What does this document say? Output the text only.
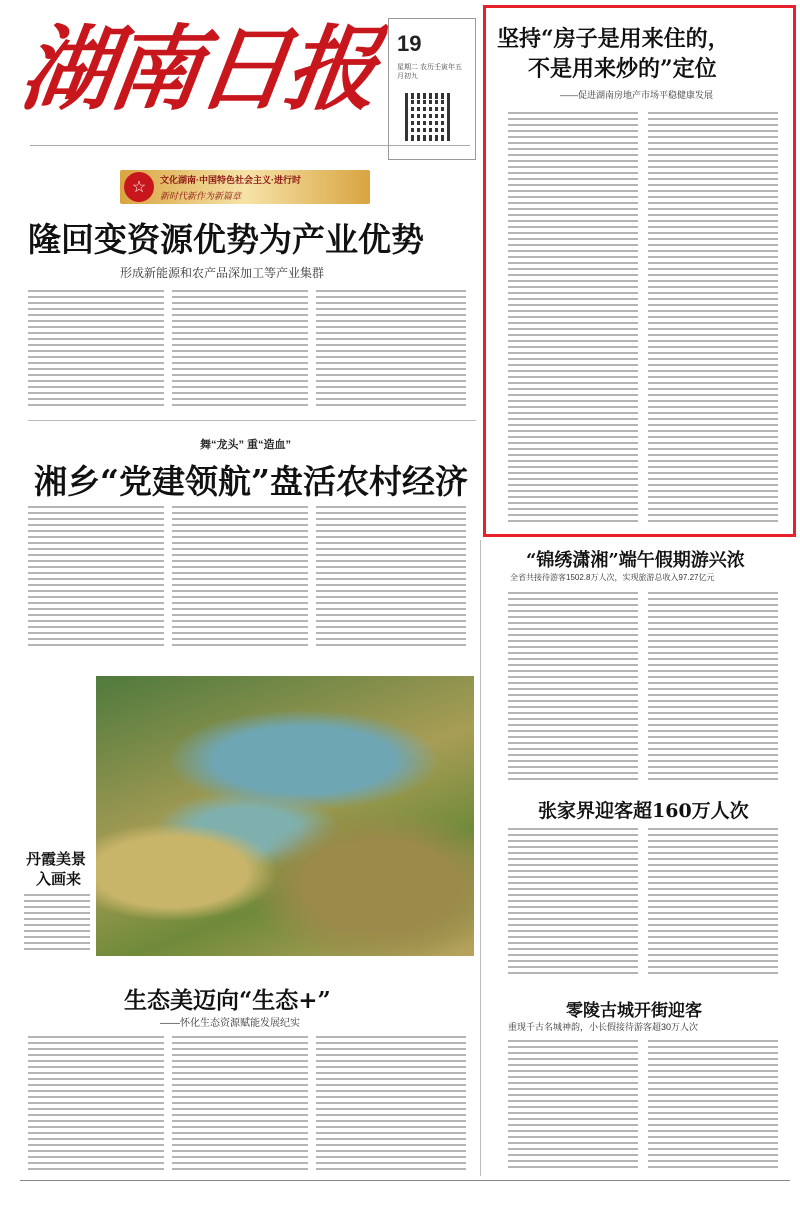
湖南日报 19
星期二 农历壬寅年五月初九
☆	文化湖南·中国特色社会主义·进行时
新时代新作为新篇章
隆回变资源优势为产业优势
形成新能源和农产品深加工等产业集群
舞“龙头” 重“造血”
湘乡“党建领航”盘活农村经济
坚持“房子是用来住的，
不是用来炒的”定位
——促进湖南房地产市场平稳健康发展
“锦绣潇湘”端午假期游兴浓
全省共接待游客1502.8万人次，实现旅游总收入97.27亿元
张家界迎客超160万人次
丹霞美景
入画来
生态美迈向“生态+”
——怀化生态资源赋能发展纪实
零陵古城开街迎客
重现千古名城神韵，小长假接待游客超30万人次
